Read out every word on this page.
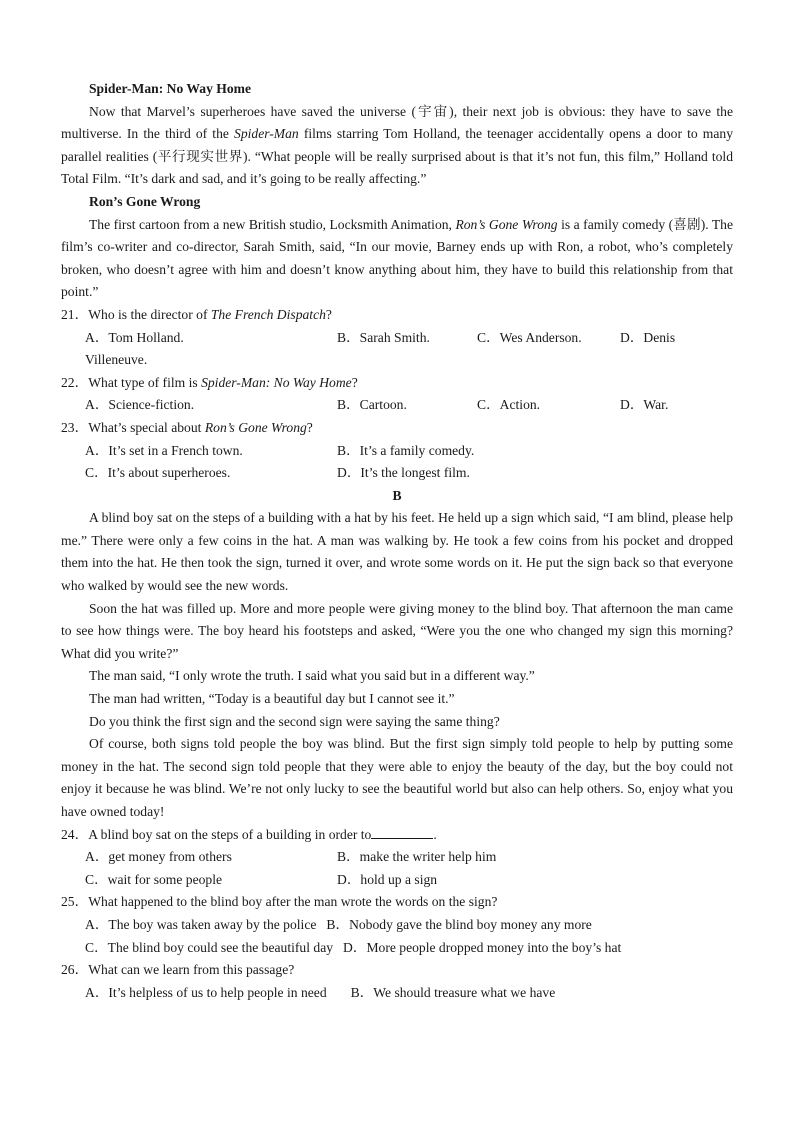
Spider-Man: No Way Home

Now that Marvel’s superheroes have saved the universe (宇宙), their next job is obvious: they have to save the multiverse. In the third of the Spider-Man films starring Tom Holland, the teenager accidentally opens a door to many parallel realities (平行现实世界). “What people will be really surprised about is that it’s not fun, this film,” Holland told Total Film. “It’s dark and sad, and it’s going to be really affecting.”

Ron’s Gone Wrong

The first cartoon from a new British studio, Locksmith Animation, Ron’s Gone Wrong is a family comedy (喜剧). The film’s co-writer and co-director, Sarah Smith, said, “In our movie, Barney ends up with Ron, a robot, who’s completely broken, who doesn’t agree with him and doesn’t know anything about him, they have to build this relationship from that point.”

21．Who is the director of The French Dispatch?

A．Tom Holland.	B．Sarah Smith.	C．Wes Anderson.	D．Denis
Villeneuve.

22．What type of film is Spider-Man: No Way Home?

A．Science-fiction.	B．Cartoon.	C．Action.	D．War.

23．What’s special about Ron’s Gone Wrong?

A．It’s set in a French town.	B．It’s a family comedy.
C．It’s about superheroes.	D．It’s the longest film.

B

A blind boy sat on the steps of a building with a hat by his feet. He held up a sign which said, “I am blind, please help me.” There were only a few coins in the hat. A man was walking by. He took a few coins from his pocket and dropped them into the hat. He then took the sign, turned it over, and wrote some words on it. He put the sign back so that everyone who walked by would see the new words.

Soon the hat was filled up. More and more people were giving money to the blind boy. That afternoon the man came to see how things were. The boy heard his footsteps and asked, “Were you the one who changed my sign this morning? What did you write?”

The man said, “I only wrote the truth. I said what you said but in a different way.”

The man had written, “Today is a beautiful day but I cannot see it.”

Do you think the first sign and the second sign were saying the same thing?

Of course, both signs told people the boy was blind. But the first sign simply told people to help by putting some money in the hat. The second sign told people that they were able to enjoy the beauty of the day, but the boy could not enjoy it because he was blind. We’re not only lucky to see the beautiful world but also can help others. So, enjoy what you have owned today!

24．A blind boy sat on the steps of a building in order to	.

A．get money from others	B．make the writer help him
C．wait for some people	D．hold up a sign

25．What happened to the blind boy after the man wrote the words on the sign?

A．The boy was taken away by the police B．Nobody gave the blind boy money any more
C．The blind boy could see the beautiful day D．More people dropped money into the boy’s hat

26．What can we learn from this passage?

A．It’s helpless of us to help people in need B．We should treasure what we have
